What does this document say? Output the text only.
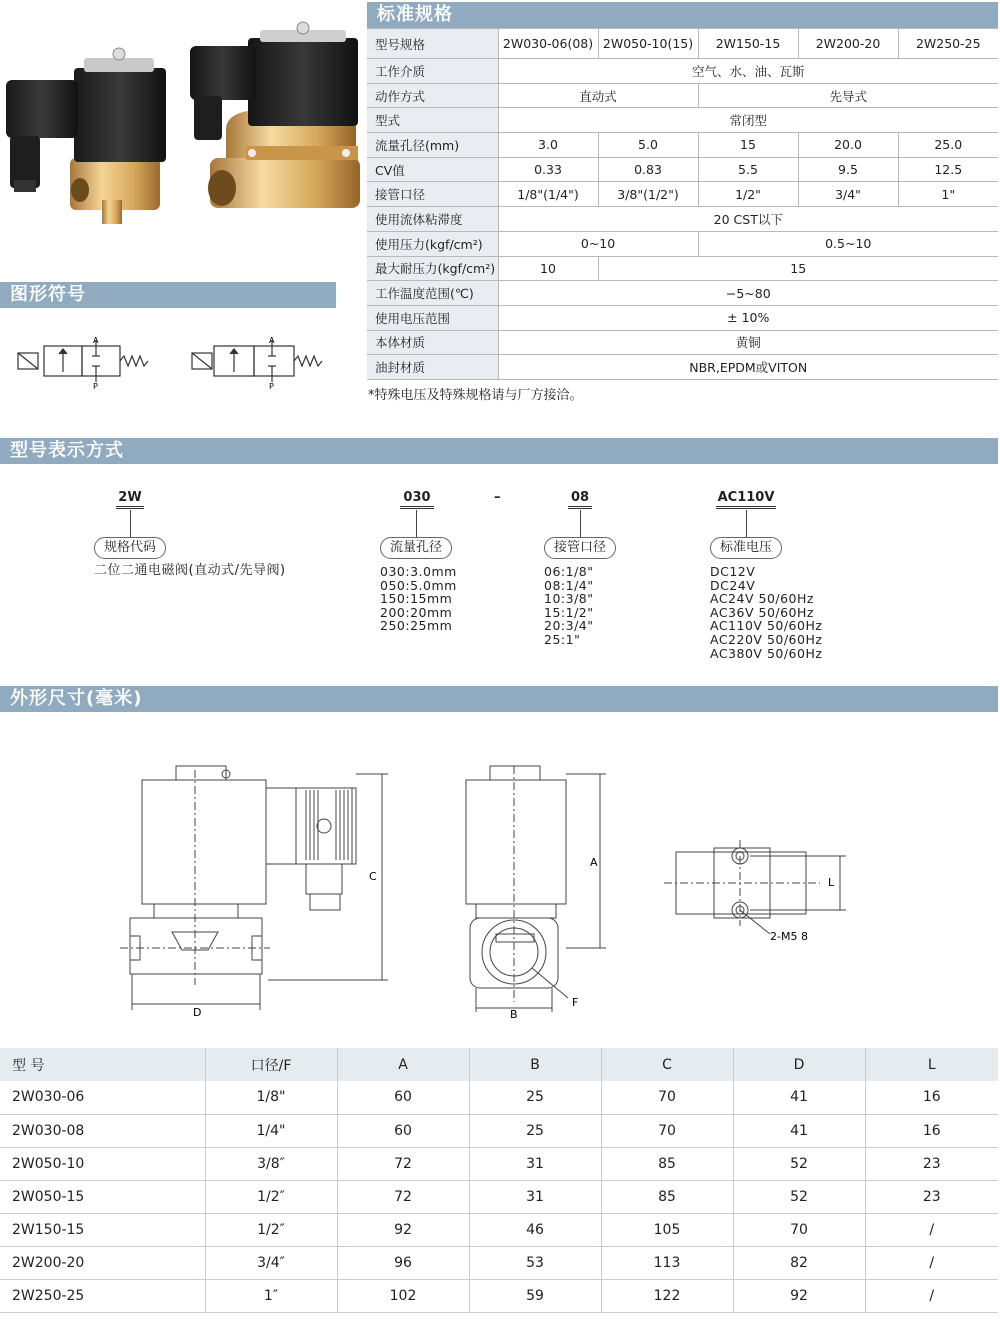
标准规格
图形符号
型号表示方式
外形尺寸(毫米)
型号规格	2W030-06(08)	2W050-10(15)	2W150-15	2W200-20	2W250-25
工作介质	空气、水、油、瓦斯				
动作方式	直动式		先导式		
型式	常闭型				
流量孔径(mm)	3.0	5.0	15	20.0	25.0
CV值	0.33	0.83	5.5	9.5	12.5
接管口径	1/8"(1/4")	3/8"(1/2")	1/2"	3/4"	1"
使用流体粘滞度	20 CST以下				
使用压力(kgf/cm²)	0~10		0.5~10		
最大耐压力(kgf/cm²)	10	15			
工作温度范围(℃)	−5~80				
使用电压范围	± 10%				
本体材质	黄铜				
油封材质	NBR,EPDM或VITON				
*特殊电压及特殊规格请与厂方接洽。
A
P
A
P
2W
规格代码
二位二通电磁阀(直动式/先导阀)
030
流量孔径
030:3.0mm
050:5.0mm
150:15mm
200:20mm
250:25mm
–	08
接管口径
06:1/8"
08:1/4"
10:3/8"
15:1/2"
20:3/4"
25:1"
AC110V
标准电压
DC12V
DC24V
AC24V 50/60Hz
AC36V 50/60Hz
AC110V 50/60Hz
AC220V 50/60Hz
AC380V 50/60Hz
D
C
B
A
F
L
2-M5 8
型 号	口径/F	A	B	C	D	L
2W030-06	1/8"	60	25	70	41	16
2W030-08	1/4"	60	25	70	41	16
2W050-10	3/8″	72	31	85	52	23
2W050-15	1/2″	72	31	85	52	23
2W150-15	1/2″	92	46	105	70	/
2W200-20	3/4″	96	53	113	82	/
2W250-25	1″	102	59	122	92	/
